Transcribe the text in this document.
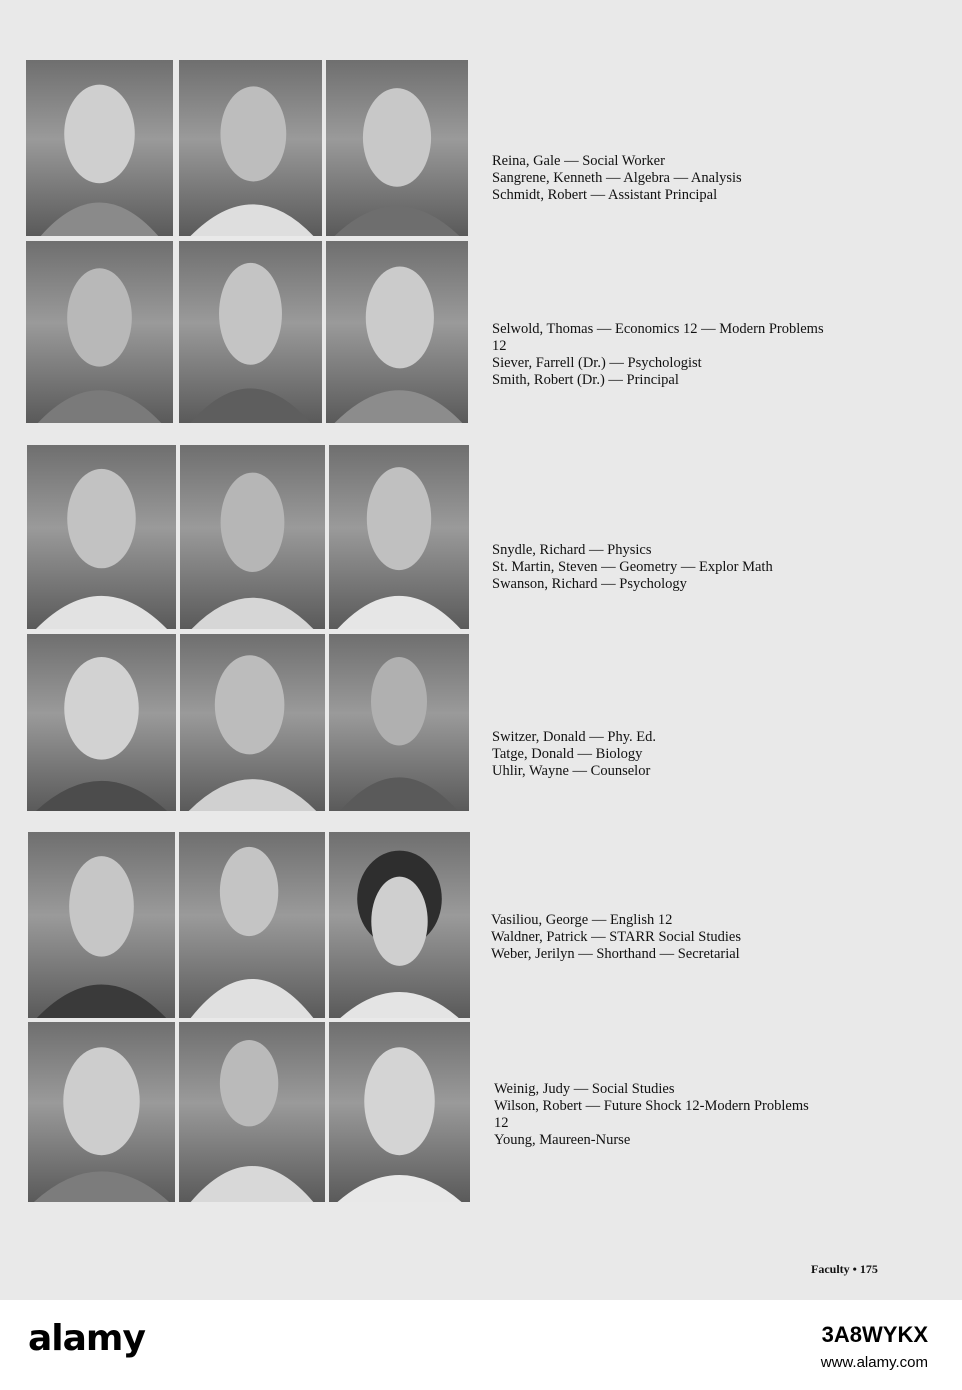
Reina, Gale — Social Worker
Sangrene, Kenneth — Algebra — Analysis
Schmidt, Robert — Assistant Principal
Selwold, Thomas — Economics 12 — Modern Problems
12
Siever, Farrell (Dr.) — Psychologist
Smith, Robert (Dr.) — Principal
Snydle, Richard — Physics
St. Martin, Steven — Geometry — Explor Math
Swanson, Richard — Psychology
Switzer, Donald — Phy. Ed.
Tatge, Donald — Biology
Uhlir, Wayne — Counselor
Vasiliou, George — English 12
Waldner, Patrick — STARR Social Studies
Weber, Jerilyn — Shorthand — Secretarial
Weinig, Judy — Social Studies
Wilson, Robert — Future Shock 12-Modern Problems
12
Young, Maureen-Nurse
Faculty • 175
alamy	3A8WYKX
www.alamy.com
